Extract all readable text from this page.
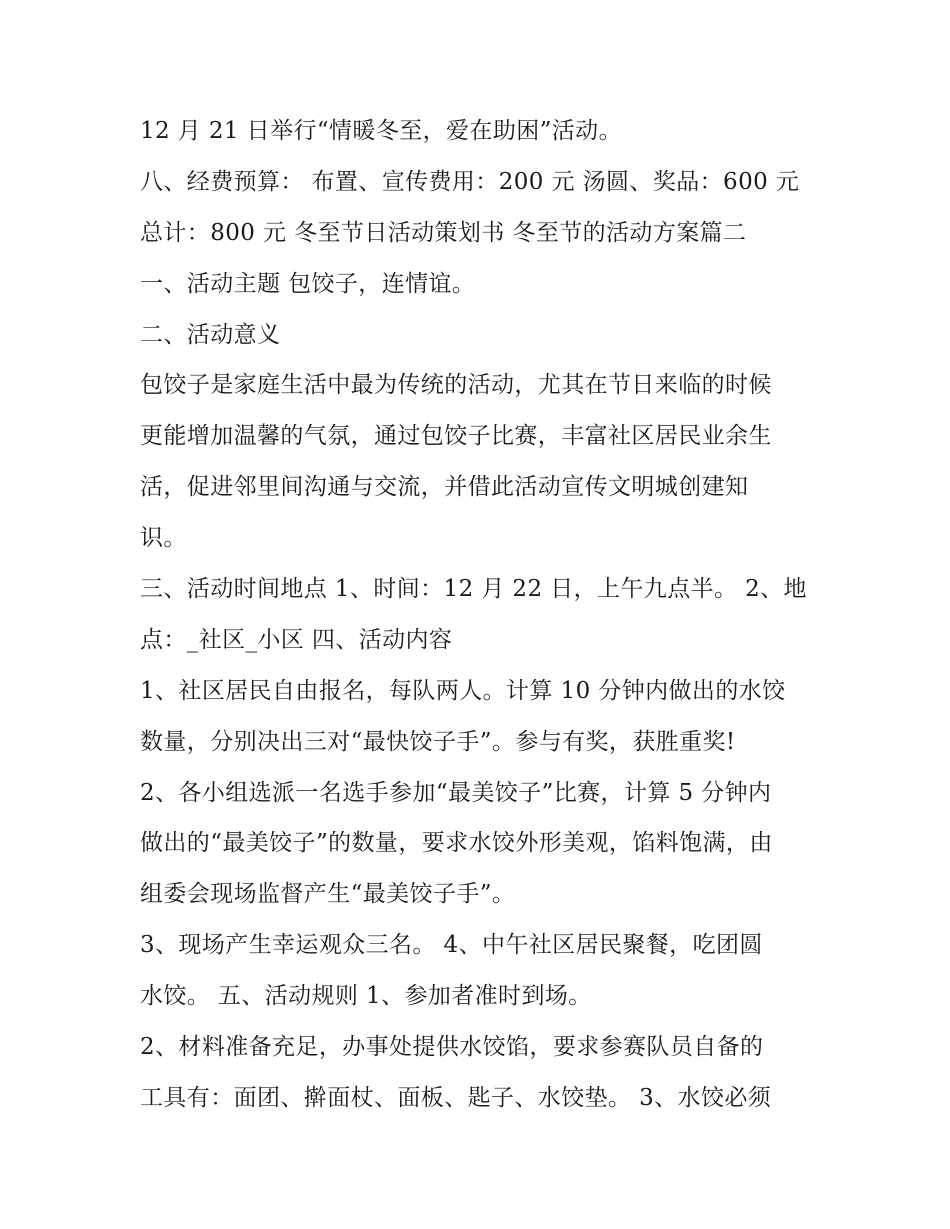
12 月 21 日举行“情暖冬至，爱在助困”活动。
八、经费预算： 布置、宣传费用：200 元 汤圆、奖品：600 元
总计：800 元 冬至节日活动策划书 冬至节的活动方案篇二
一、活动主题 包饺子，连情谊。
二、活动意义
包饺子是家庭生活中最为传统的活动，尤其在节日来临的时候
更能增加温馨的气氛，通过包饺子比赛，丰富社区居民业余生
活，促进邻里间沟通与交流，并借此活动宣传文明城创建知
识。
三、活动时间地点 1、时间：12 月 22 日，上午九点半。 2、地
点：_社区_小区 四、活动内容
1、社区居民自由报名，每队两人。计算 10 分钟内做出的水饺
数量，分别决出三对“最快饺子手”。参与有奖，获胜重奖!
2、各小组选派一名选手参加“最美饺子”比赛，计算 5 分钟内
做出的“最美饺子”的数量，要求水饺外形美观，馅料饱满，由
组委会现场监督产生“最美饺子手”。
3、现场产生幸运观众三名。 4、中午社区居民聚餐，吃团圆
水饺。 五、活动规则 1、参加者准时到场。
2、材料准备充足，办事处提供水饺馅，要求参赛队员自备的
工具有：面团、擀面杖、面板、匙子、水饺垫。 3、水饺必须
